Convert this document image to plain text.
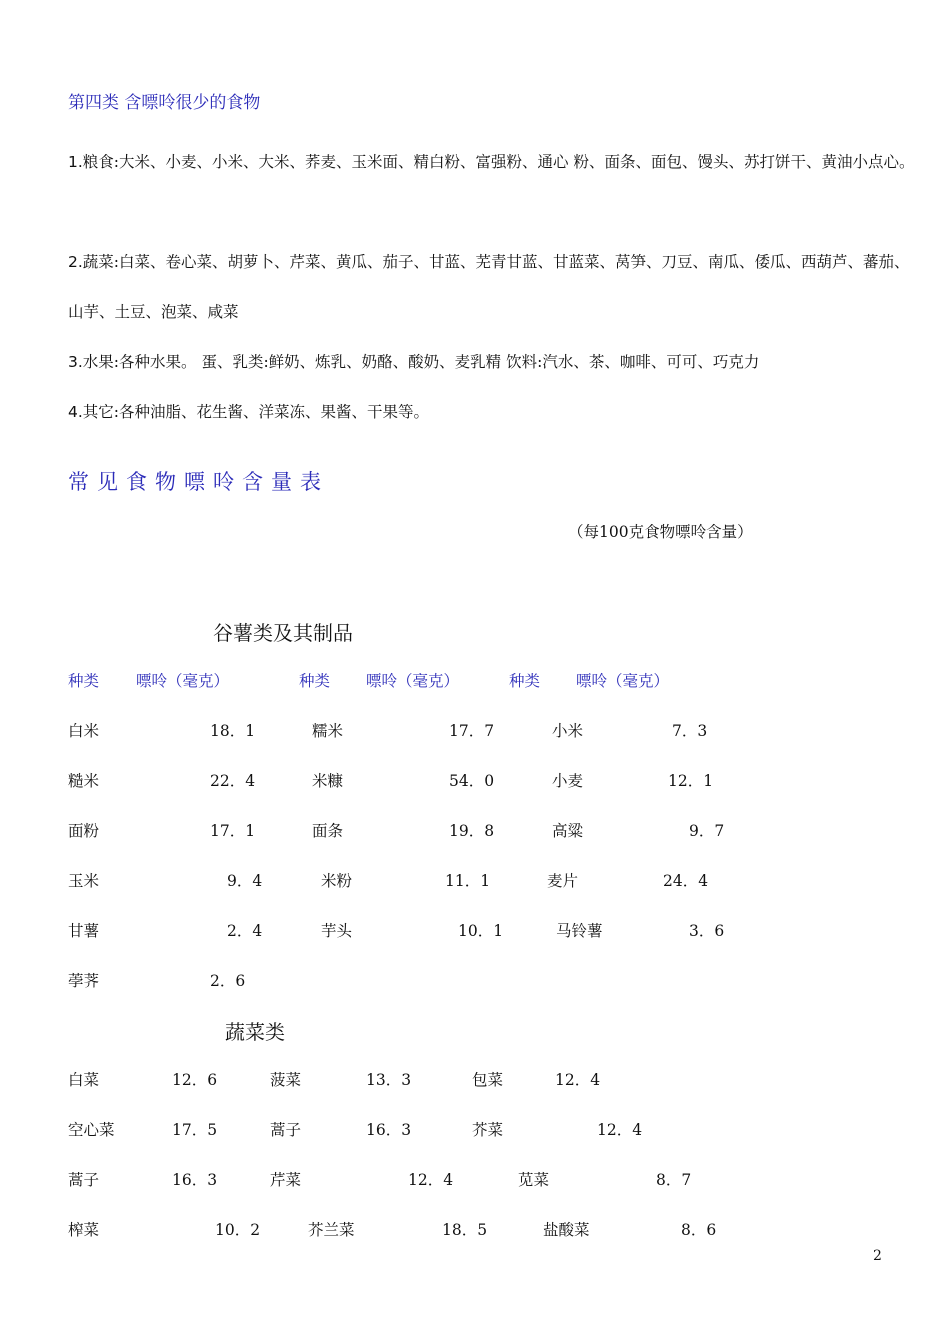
第四类 含嘌呤很少的食物
1.粮食:大米、小麦、小米、大米、荞麦、玉米面、精白粉、富强粉、通心 粉、面条、面包、馒头、苏打饼干、黄油小点心。
2.蔬菜:白菜、卷心菜、胡萝卜、芹菜、黄瓜、茄子、甘蓝、芜青甘蓝、甘蓝菜、莴笋、刀豆、南瓜、倭瓜、西葫芦、蕃茄、
山芋、土豆、泡菜、咸菜
3.水果:各种水果。 蛋、乳类:鲜奶、炼乳、奶酪、酸奶、麦乳精 饮料:汽水、茶、咖啡、可可、巧克力
4.其它:各种油脂、花生酱、洋菜冻、果酱、干果等。
常见食物嘌呤含量表
（每100克食物嘌呤含量）
谷薯类及其制品
种类 嘌呤（毫克）	种类 嘌呤（毫克）	种类 嘌呤（毫克）
白米	18．1	糯米	17．7	小米	7．3
糙米	22．4	米糠	54．0	小麦	12．1
面粉	17．1	面条	19．8	高粱	9．7
玉米	9．4	米粉	11．1	麦片	24．4
甘薯	2．4	芋头	10．1	马铃薯	3．6
荸荠	2．6
蔬菜类
白菜	12．6	菠菜	13．3	包菜	12．4
空心菜	17．5	蒿子	16．3	芥菜	12．4
蒿子	16．3	芹菜	12．4	苋菜	8．7
榨菜	10．2	芥兰菜	18．5	盐酸菜	8．6
2
